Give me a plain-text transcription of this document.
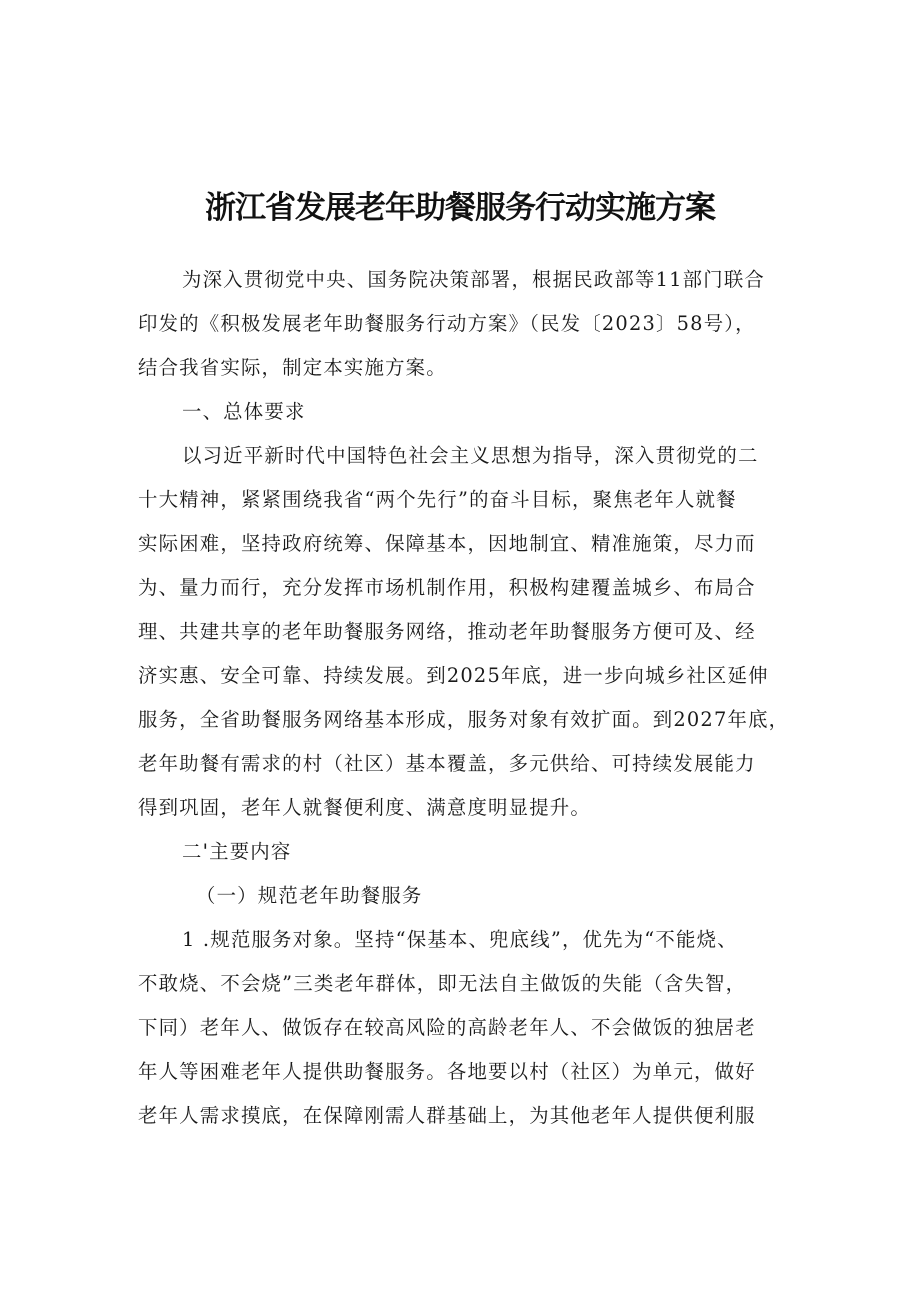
浙江省发展老年助餐服务行动实施方案

为深入贯彻党中央、国务院决策部署，根据民政部等11部门联合

印发的《积极发展老年助餐服务行动方案》（民发〔2023〕58号），

结合我省实际，制定本实施方案。

一、总体要求

以习近平新时代中国特色社会主义思想为指导，深入贯彻党的二

十大精神，紧紧围绕我省“两个先行”的奋斗目标，聚焦老年人就餐

实际困难，坚持政府统筹、保障基本，因地制宜、精准施策，尽力而

为、量力而行，充分发挥市场机制作用，积极构建覆盖城乡、布局合

理、共建共享的老年助餐服务网络，推动老年助餐服务方便可及、经

济实惠、安全可靠、持续发展。到2025年底，进一步向城乡社区延伸

服务，全省助餐服务网络基本形成，服务对象有效扩面。到2027年底，

老年助餐有需求的村（社区）基本覆盖，多元供给、可持续发展能力

得到巩固，老年人就餐便利度、满意度明显提升。

二'主要内容
（一）规范老年助餐服务

1 .规范服务对象。坚持“保基本、兜底线”，优先为“不能烧、

不敢烧、不会烧”三类老年群体，即无法自主做饭的失能（含失智，

下同）老年人、做饭存在较高风险的高龄老年人、不会做饭的独居老

年人等困难老年人提供助餐服务。各地要以村（社区）为单元，做好

老年人需求摸底，在保障刚需人群基础上，为其他老年人提供便利服
